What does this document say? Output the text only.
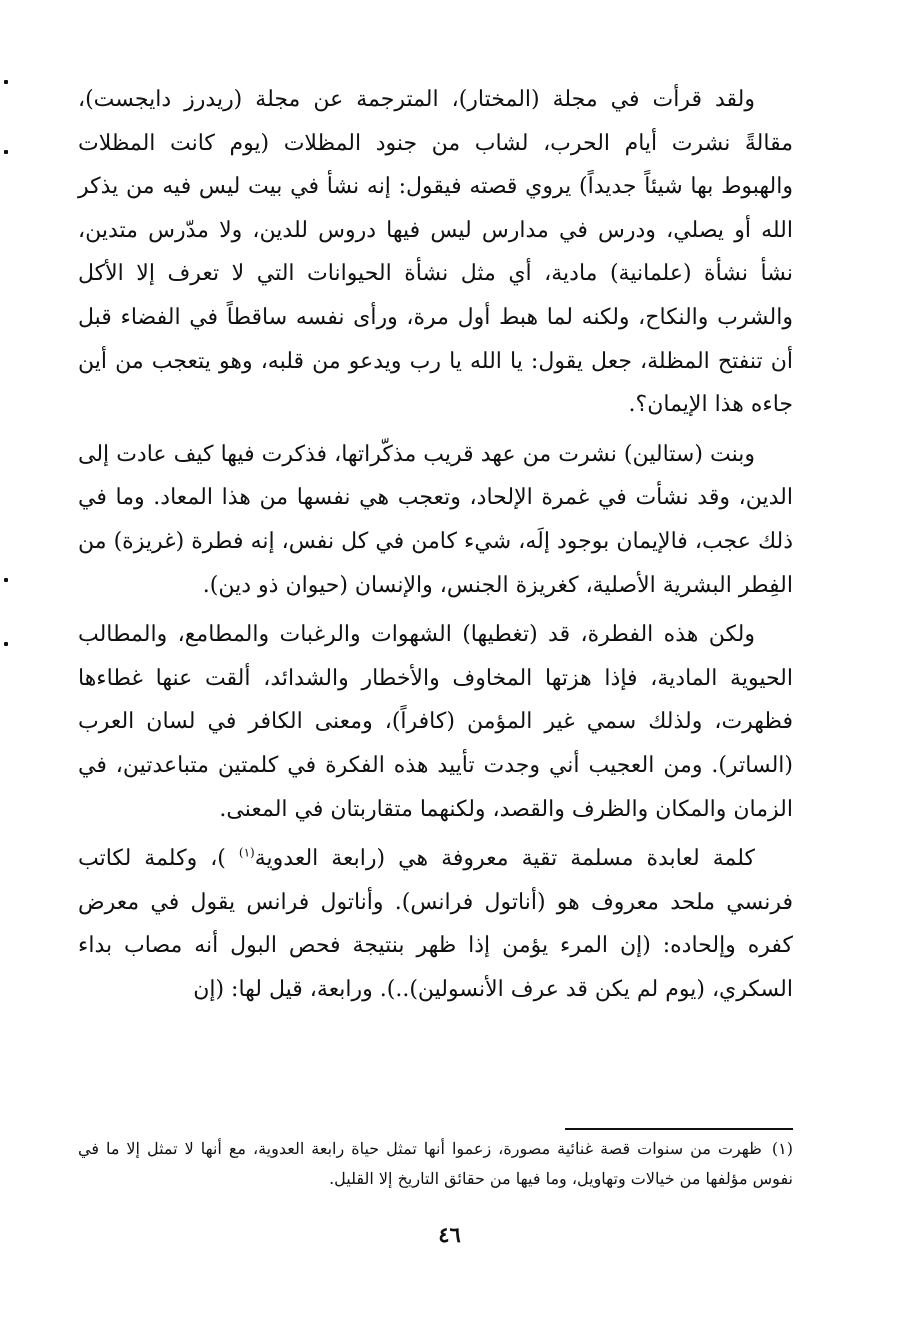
ولقد قرأت في مجلة (المختار)، المترجمة عن مجلة (ريدرز دايجست)، مقالةً نشرت أيام الحرب، لشاب من جنود المظلات (يوم كانت المظلات والهبوط بها شيئاً جديداً) يروي قصته فيقول: إنه نشأ في بيت ليس فيه من يذكر الله أو يصلي، ودرس في مدارس ليس فيها دروس للدين، ولا مدّرس متدين، نشأ نشأة (علمانية) مادية، أي مثل نشأة الحيوانات التي لا تعرف إلا الأكل والشرب والنكاح، ولكنه لما هبط أول مرة، ورأى نفسه ساقطاً في الفضاء قبل أن تنفتح المظلة، جعل يقول: يا الله يا رب ويدعو من قلبه، وهو يتعجب من أين جاءه هذا الإيمان؟.

وبنت (ستالين) نشرت من عهد قريب مذكّراتها، فذكرت فيها كيف عادت إلى الدين، وقد نشأت في غمرة الإلحاد، وتعجب هي نفسها من هذا المعاد. وما في ذلك عجب، فالإيمان بوجود إلَه، شيء كامن في كل نفس، إنه فطرة (غريزة) من الفِطر البشرية الأصلية، كغريزة الجنس، والإنسان (حيوان ذو دين).

ولكن هذه الفطرة، قد (تغطيها) الشهوات والرغبات والمطامع، والمطالب الحيوية المادية، فإذا هزتها المخاوف والأخطار والشدائد، ألقت عنها غطاءها فظهرت، ولذلك سمي غير المؤمن (كافراً)، ومعنى الكافر في لسان العرب (الساتر). ومن العجيب أني وجدت تأييد هذه الفكرة في كلمتين متباعدتين، في الزمان والمكان والظرف والقصد، ولكنهما متقاربتان في المعنى.

كلمة لعابدة مسلمة تقية معروفة هي (رابعة العدوية$^{(١)}$ )، وكلمة لكاتب فرنسي ملحد معروف هو (أناتول فرانس). وأناتول فرانس يقول في معرض كفره وإلحاده: (إن المرء يؤمن إذا ظهر بنتيجة فحص البول أنه مصاب بداء السكري، (يوم لم يكن قد عرف الأنسولين)..). ورابعة، قيل لها: (إن

(١)ظهرت من سنوات قصة غنائية مصورة، زعموا أنها تمثل حياة رابعة العدوية، مع أنها لا تمثل إلا ما في نفوس مؤلفها من خيالات وتهاويل، وما فيها من حقائق التاريخ إلا القليل.
٤٦
